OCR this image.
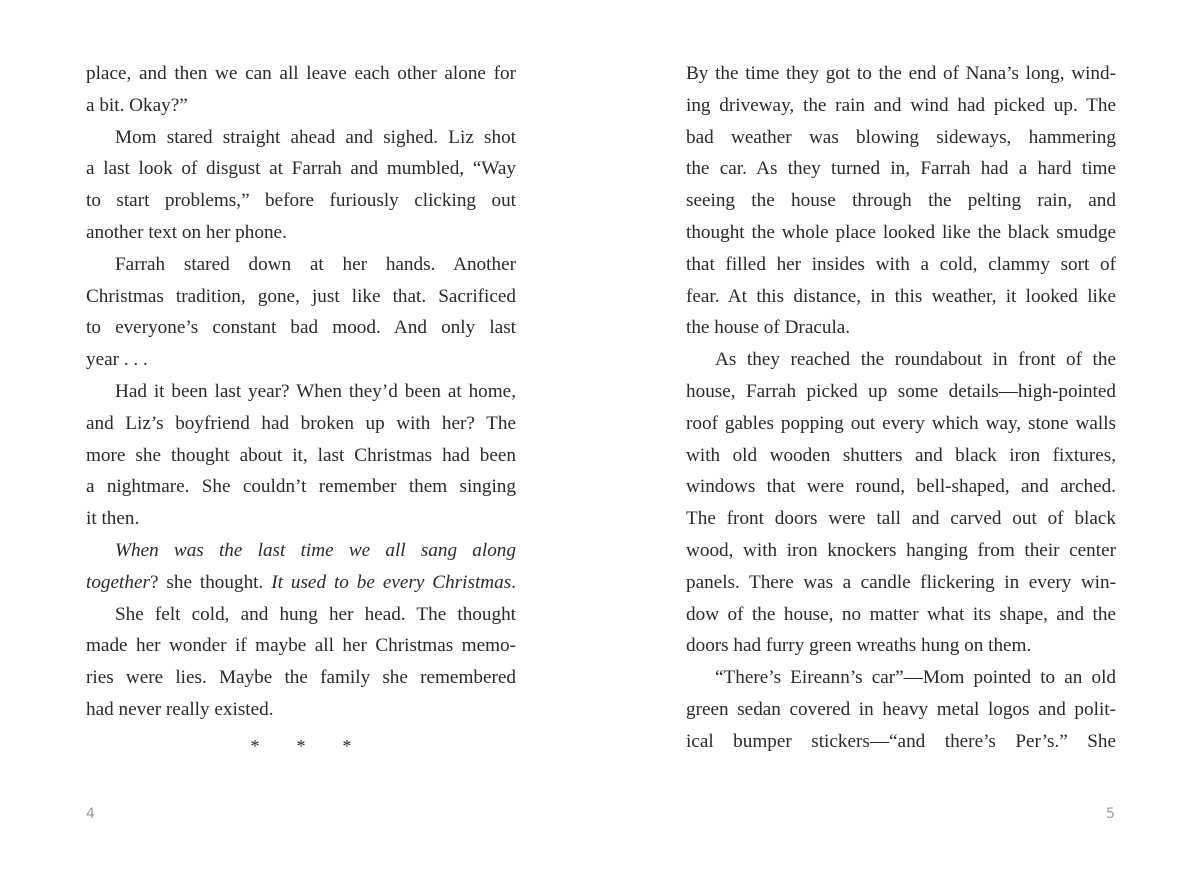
place, and then we can all leave each other alone for
a bit. Okay?”
Mom stared straight ahead and sighed. Liz shot
a last look of disgust at Farrah and mumbled, “Way
to start problems,” before furiously clicking out
another text on her phone.
Farrah stared down at her hands. Another
Christmas tradition, gone, just like that. Sacrificed
to everyone’s constant bad mood. And only last
year . . .
Had it been last year? When they’d been at home,
and Liz’s boyfriend had broken up with her? The
more she thought about it, last Christmas had been
a nightmare. She couldn’t remember them singing
it then.
When was the last time we all sang along
together? she thought. It used to be every Christmas.
She felt cold, and hung her head. The thought
made her wonder if maybe all her Christmas memo-
ries were lies. Maybe the family she remembered
had never really existed.
* * *
By the time they got to the end of Nana’s long, wind-
ing driveway, the rain and wind had picked up. The
bad weather was blowing sideways, hammering
the car. As they turned in, Farrah had a hard time
seeing the house through the pelting rain, and
thought the whole place looked like the black smudge
that filled her insides with a cold, clammy sort of
fear. At this distance, in this weather, it looked like
the house of Dracula.
As they reached the roundabout in front of the
house, Farrah picked up some details—high-pointed
roof gables popping out every which way, stone walls
with old wooden shutters and black iron fixtures,
windows that were round, bell-shaped, and arched.
The front doors were tall and carved out of black
wood, with iron knockers hanging from their center
panels. There was a candle flickering in every win-
dow of the house, no matter what its shape, and the
doors had furry green wreaths hung on them.
“There’s Eireann’s car”—Mom pointed to an old
green sedan covered in heavy metal logos and polit-
ical bumper stickers—“and there’s Per’s.” She
4	5
